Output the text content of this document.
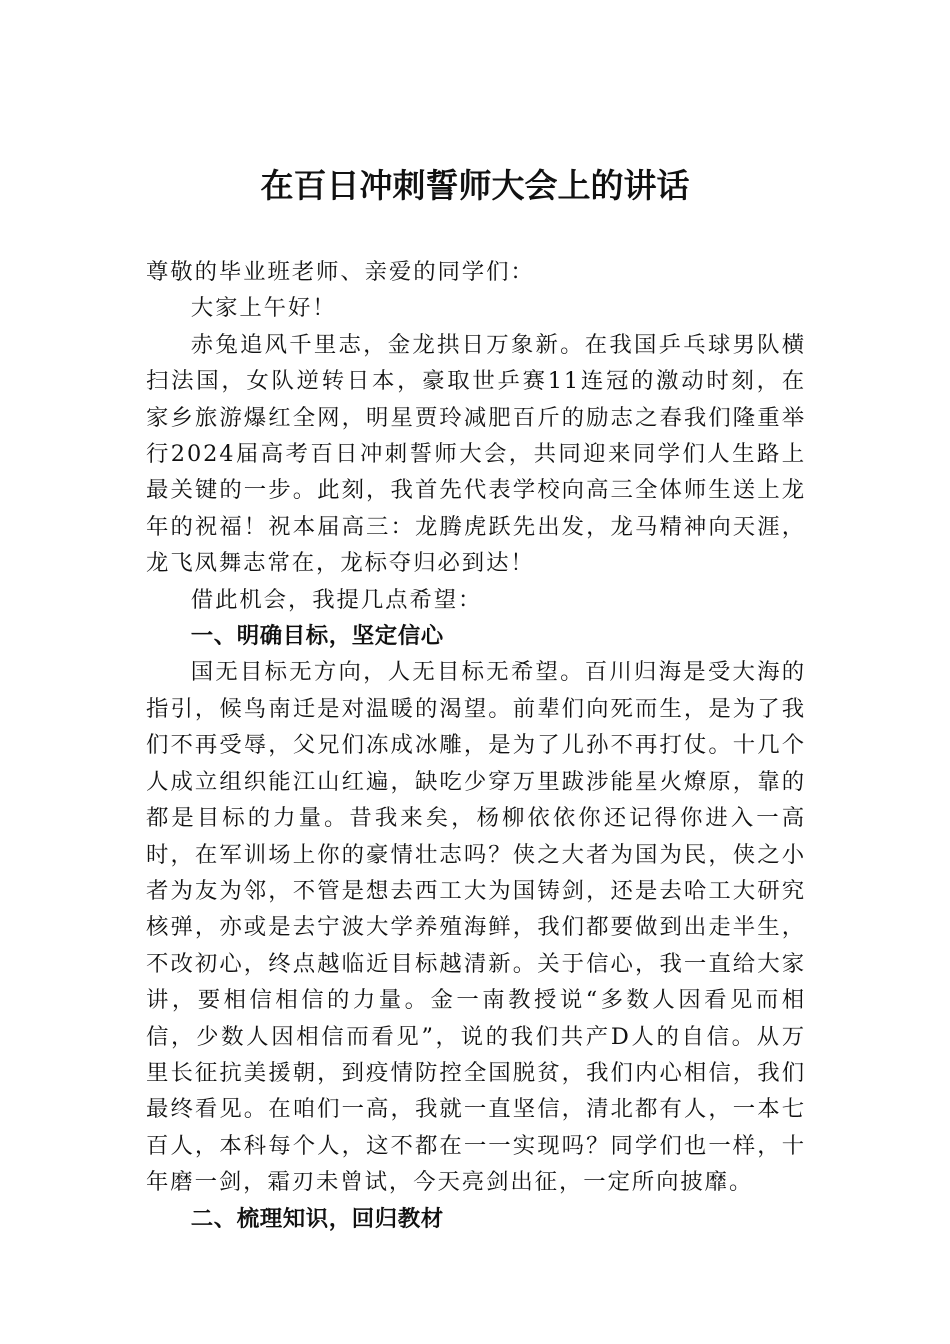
在百日冲刺誓师大会上的讲话

尊敬的毕业班老师、亲爱的同学们：

大家上午好！

赤兔追风千里志，金龙拱日万象新。在我国乒乓球男队横扫法国，女队逆转日本，豪取世乒赛11连冠的激动时刻，在家乡旅游爆红全网，明星贾玲减肥百斤的励志之春我们隆重举行2024届高考百日冲刺誓师大会，共同迎来同学们人生路上最关键的一步。此刻，我首先代表学校向高三全体师生送上龙年的祝福！祝本届高三：龙腾虎跃先出发，龙马精神向天涯，龙飞凤舞志常在，龙标夺归必到达！

借此机会，我提几点希望：

一、明确目标，坚定信心

国无目标无方向，人无目标无希望。百川归海是受大海的指引，候鸟南迁是对温暖的渴望。前辈们向死而生，是为了我们不再受辱，父兄们冻成冰雕，是为了儿孙不再打仗。十几个人成立组织能江山红遍，缺吃少穿万里跋涉能星火燎原，靠的都是目标的力量。昔我来矣，杨柳依依你还记得你进入一高时，在军训场上你的豪情壮志吗？侠之大者为国为民，侠之小者为友为邻，不管是想去西工大为国铸剑，还是去哈工大研究核弹，亦或是去宁波大学养殖海鲜，我们都要做到出走半生，不改初心，终点越临近目标越清新。关于信心，我一直给大家讲，要相信相信的力量。金一南教授说“多数人因看见而相信，少数人因相信而看见”，说的我们共产D人的自信。从万里长征抗美援朝，到疫情防控全国脱贫，我们内心相信，我们最终看见。在咱们一高，我就一直坚信，清北都有人，一本七百人，本科每个人，这不都在一一实现吗？同学们也一样，十年磨一剑，霜刃未曾试，今天亮剑出征，一定所向披靡。

二、梳理知识，回归教材
